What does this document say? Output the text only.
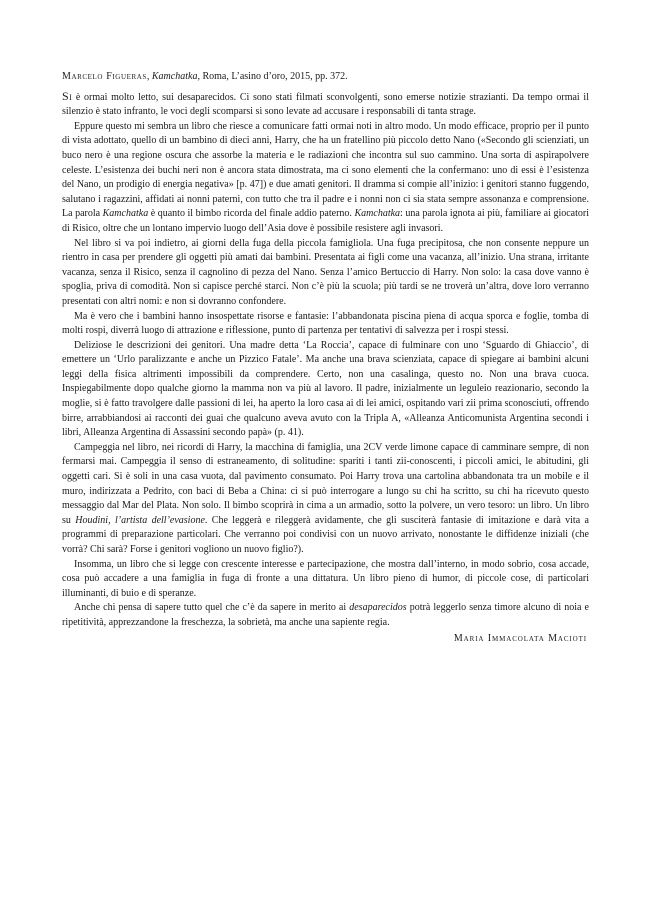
Marcelo Figueras, Kamchatka, Roma, L’asino d’oro, 2015, pp. 372.

Si è ormai molto letto, sui desaparecidos. Ci sono stati filmati sconvolgenti, sono emerse notizie strazianti. Da tempo ormai il silenzio è stato infranto, le voci degli scomparsi si sono levate ad accusare i responsabili di tanta strage.

Eppure questo mi sembra un libro che riesce a comunicare fatti ormai noti in altro modo. Un modo efficace, proprio per il punto di vista adottato, quello di un bambino di dieci anni, Harry, che ha un fratellino più piccolo detto Nano («Secondo gli scienziati, un buco nero è una regione oscura che assorbe la materia e le radiazioni che incontra sul suo cammino. Una sorta di aspirapolvere celeste. L’esistenza dei buchi neri non è ancora stata dimostrata, ma ci sono elementi che la confermano: uno di essi è l’esistenza del Nano, un prodigio di energia negativa» [p. 47]) e due amati genitori. Il dramma si compie all’inizio: i genitori stanno fuggendo, salutano i ragazzini, affidati ai nonni paterni, con tutto che tra il padre e i nonni non ci sia stata sempre assonanza e comprensione. La parola Kamchatka è quanto il bimbo ricorda del finale addio paterno. Kamchatka: una parola ignota ai più, familiare ai giocatori di Risico, oltre che un lontano impervio luogo dell’Asia dove è possibile resistere agli invasori.

Nel libro si va poi indietro, ai giorni della fuga della piccola famigliola. Una fuga precipitosa, che non consente neppure un rientro in casa per prendere gli oggetti più amati dai bambini. Presentata ai figli come una vacanza, all’inizio. Una strana, irritante vacanza, senza il Risico, senza il cagnolino di pezza del Nano. Senza l’amico Bertuccio di Harry. Non solo: la casa dove vanno è spoglia, priva di comodità. Non si capisce perché starci. Non c’è più la scuola; più tardi se ne troverà un’altra, dove loro verranno presentati con altri nomi: e non si dovranno confondere.

Ma è vero che i bambini hanno insospettate risorse e fantasie: l’abbandonata piscina piena di acqua sporca e foglie, tomba di molti rospi, diverrà luogo di attrazione e riflessione, punto di partenza per tentativi di salvezza per i rospi stessi.

Deliziose le descrizioni dei genitori. Una madre detta ‘La Roccia’, capace di fulminare con uno ‘Sguardo di Ghiaccio’, di emettere un ‘Urlo paralizzante e anche un Pizzico Fatale’. Ma anche una brava scienziata, capace di spiegare ai bambini alcuni leggi della fisica altrimenti impossibili da comprendere. Certo, non una casalinga, questo no. Non una brava cuoca. Inspiegabilmente dopo qualche giorno la mamma non va più al lavoro. Il padre, inizialmente un leguleio reazionario, secondo la moglie, si è fatto travolgere dalle passioni di lei, ha aperto la loro casa ai di lei amici, ospitando vari zii prima sconosciuti, offrendo birre, arrabbiandosi ai racconti dei guai che qualcuno aveva avuto con la Tripla A, «Alleanza Anticomunista Argentina secondi i libri, Alleanza Argentina di Assassini secondo papà» (p. 41).

Campeggia nel libro, nei ricordi di Harry, la macchina di famiglia, una 2CV verde limone capace di camminare sempre, di non fermarsi mai. Campeggia il senso di estraneamento, di solitudine: spariti i tanti zii-conoscenti, i piccoli amici, le abitudini, gli oggetti cari. Si è soli in una casa vuota, dal pavimento consumato. Poi Harry trova una cartolina abbandonata tra un mobile e il muro, indirizzata a Pedrito, con baci di Beba a China: ci si può interrogare a lungo su chi ha scritto, su chi ha ricevuto questo messaggio dal Mar del Plata. Non solo. Il bimbo scoprirà in cima a un armadio, sotto la polvere, un vero tesoro: un libro. Un libro su Houdini, l’artista dell’evasione. Che leggerà e rileggerà avidamente, che gli susciterà fantasie di imitazione e darà vita a programmi di preparazione particolari. Che verranno poi condivisi con un nuovo arrivato, nonostante le diffidenze iniziali (che vorrà? Chi sarà? Forse i genitori vogliono un nuovo figlio?).

Insomma, un libro che si legge con crescente interesse e partecipazione, che mostra dall’interno, in modo sobrio, cosa accade, cosa può accadere a una famiglia in fuga di fronte a una dittatura. Un libro pieno di humor, di piccole cose, di particolari illuminanti, di buio e di speranze.

Anche chi pensa di sapere tutto quel che c’è da sapere in merito ai desaparecidos potrà leggerlo senza timore alcuno di noia e ripetitività, apprezzandone la freschezza, la sobrietà, ma anche una sapiente regia.

Maria Immacolata Macioti
